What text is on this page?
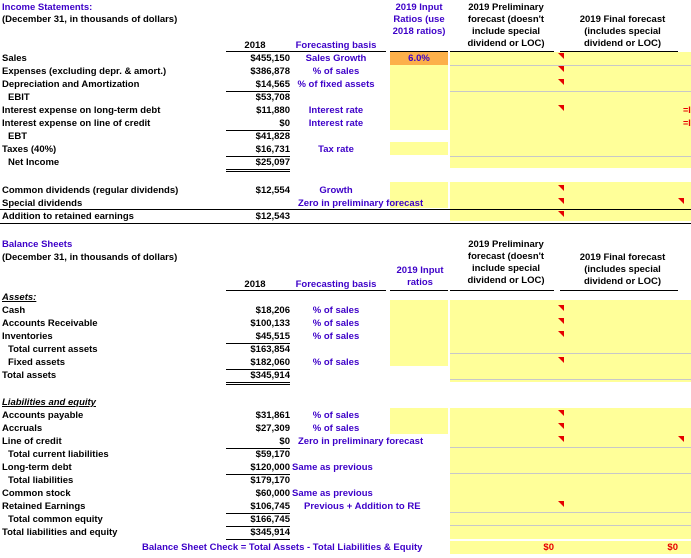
Income Statements:
(December 31, in thousands of dollars)
2019 Input Ratios (use 2018 ratios)
2019 Preliminary forecast (doesn't include special dividend or LOC)
2019 Final forecast (includes special dividend or LOC)
2018	Forecasting basis
Sales	$455,150	Sales Growth	6.0%
Expenses (excluding depr. & amort.)	$386,878	% of sales
Depreciation and Amortization	$14,565 % of fixed assets
EBIT	$53,708
Interest expense on long-term debt	$11,880	Interest rate
Interest expense on line of credit	$0	Interest rate
EBT	$41,828
Taxes (40%)	$16,731	Tax rate
Net Income	$25,097
Common dividends (regular dividends)	$12,554	Growth
Special dividends	Zero in preliminary forecast
Addition to retained earnings	$12,543
=I
=I
Balance Sheets
(December 31, in thousands of dollars)
2019 Preliminary forecast (doesn't include special dividend or LOC)
2019 Final forecast (includes special dividend or LOC)
2019 Input ratios
2018	Forecasting basis
Assets:
Cash	$18,206	% of sales
Accounts Receivable	$100,133	% of sales
Inventories	$45,515	% of sales
Total current assets	$163,854
Fixed assets	$182,060	% of sales
Total assets	$345,914
Liabilities and equity
Accounts payable	$31,861	% of sales
Accruals	$27,309	% of sales
Line of credit	$0 Zero in preliminary forecast
Total current liabilities	$59,170
Long-term debt	$120,000 Same as previous
Total liabilities	$179,170
Common stock	$60,000 Same as previous
Retained Earnings	$106,745 Previous + Addition to RE
Total common equity	$166,745
Total liabilities and equity	$345,914
Balance Sheet Check = Total Assets - Total Liabilities & Equity	$0	$0
